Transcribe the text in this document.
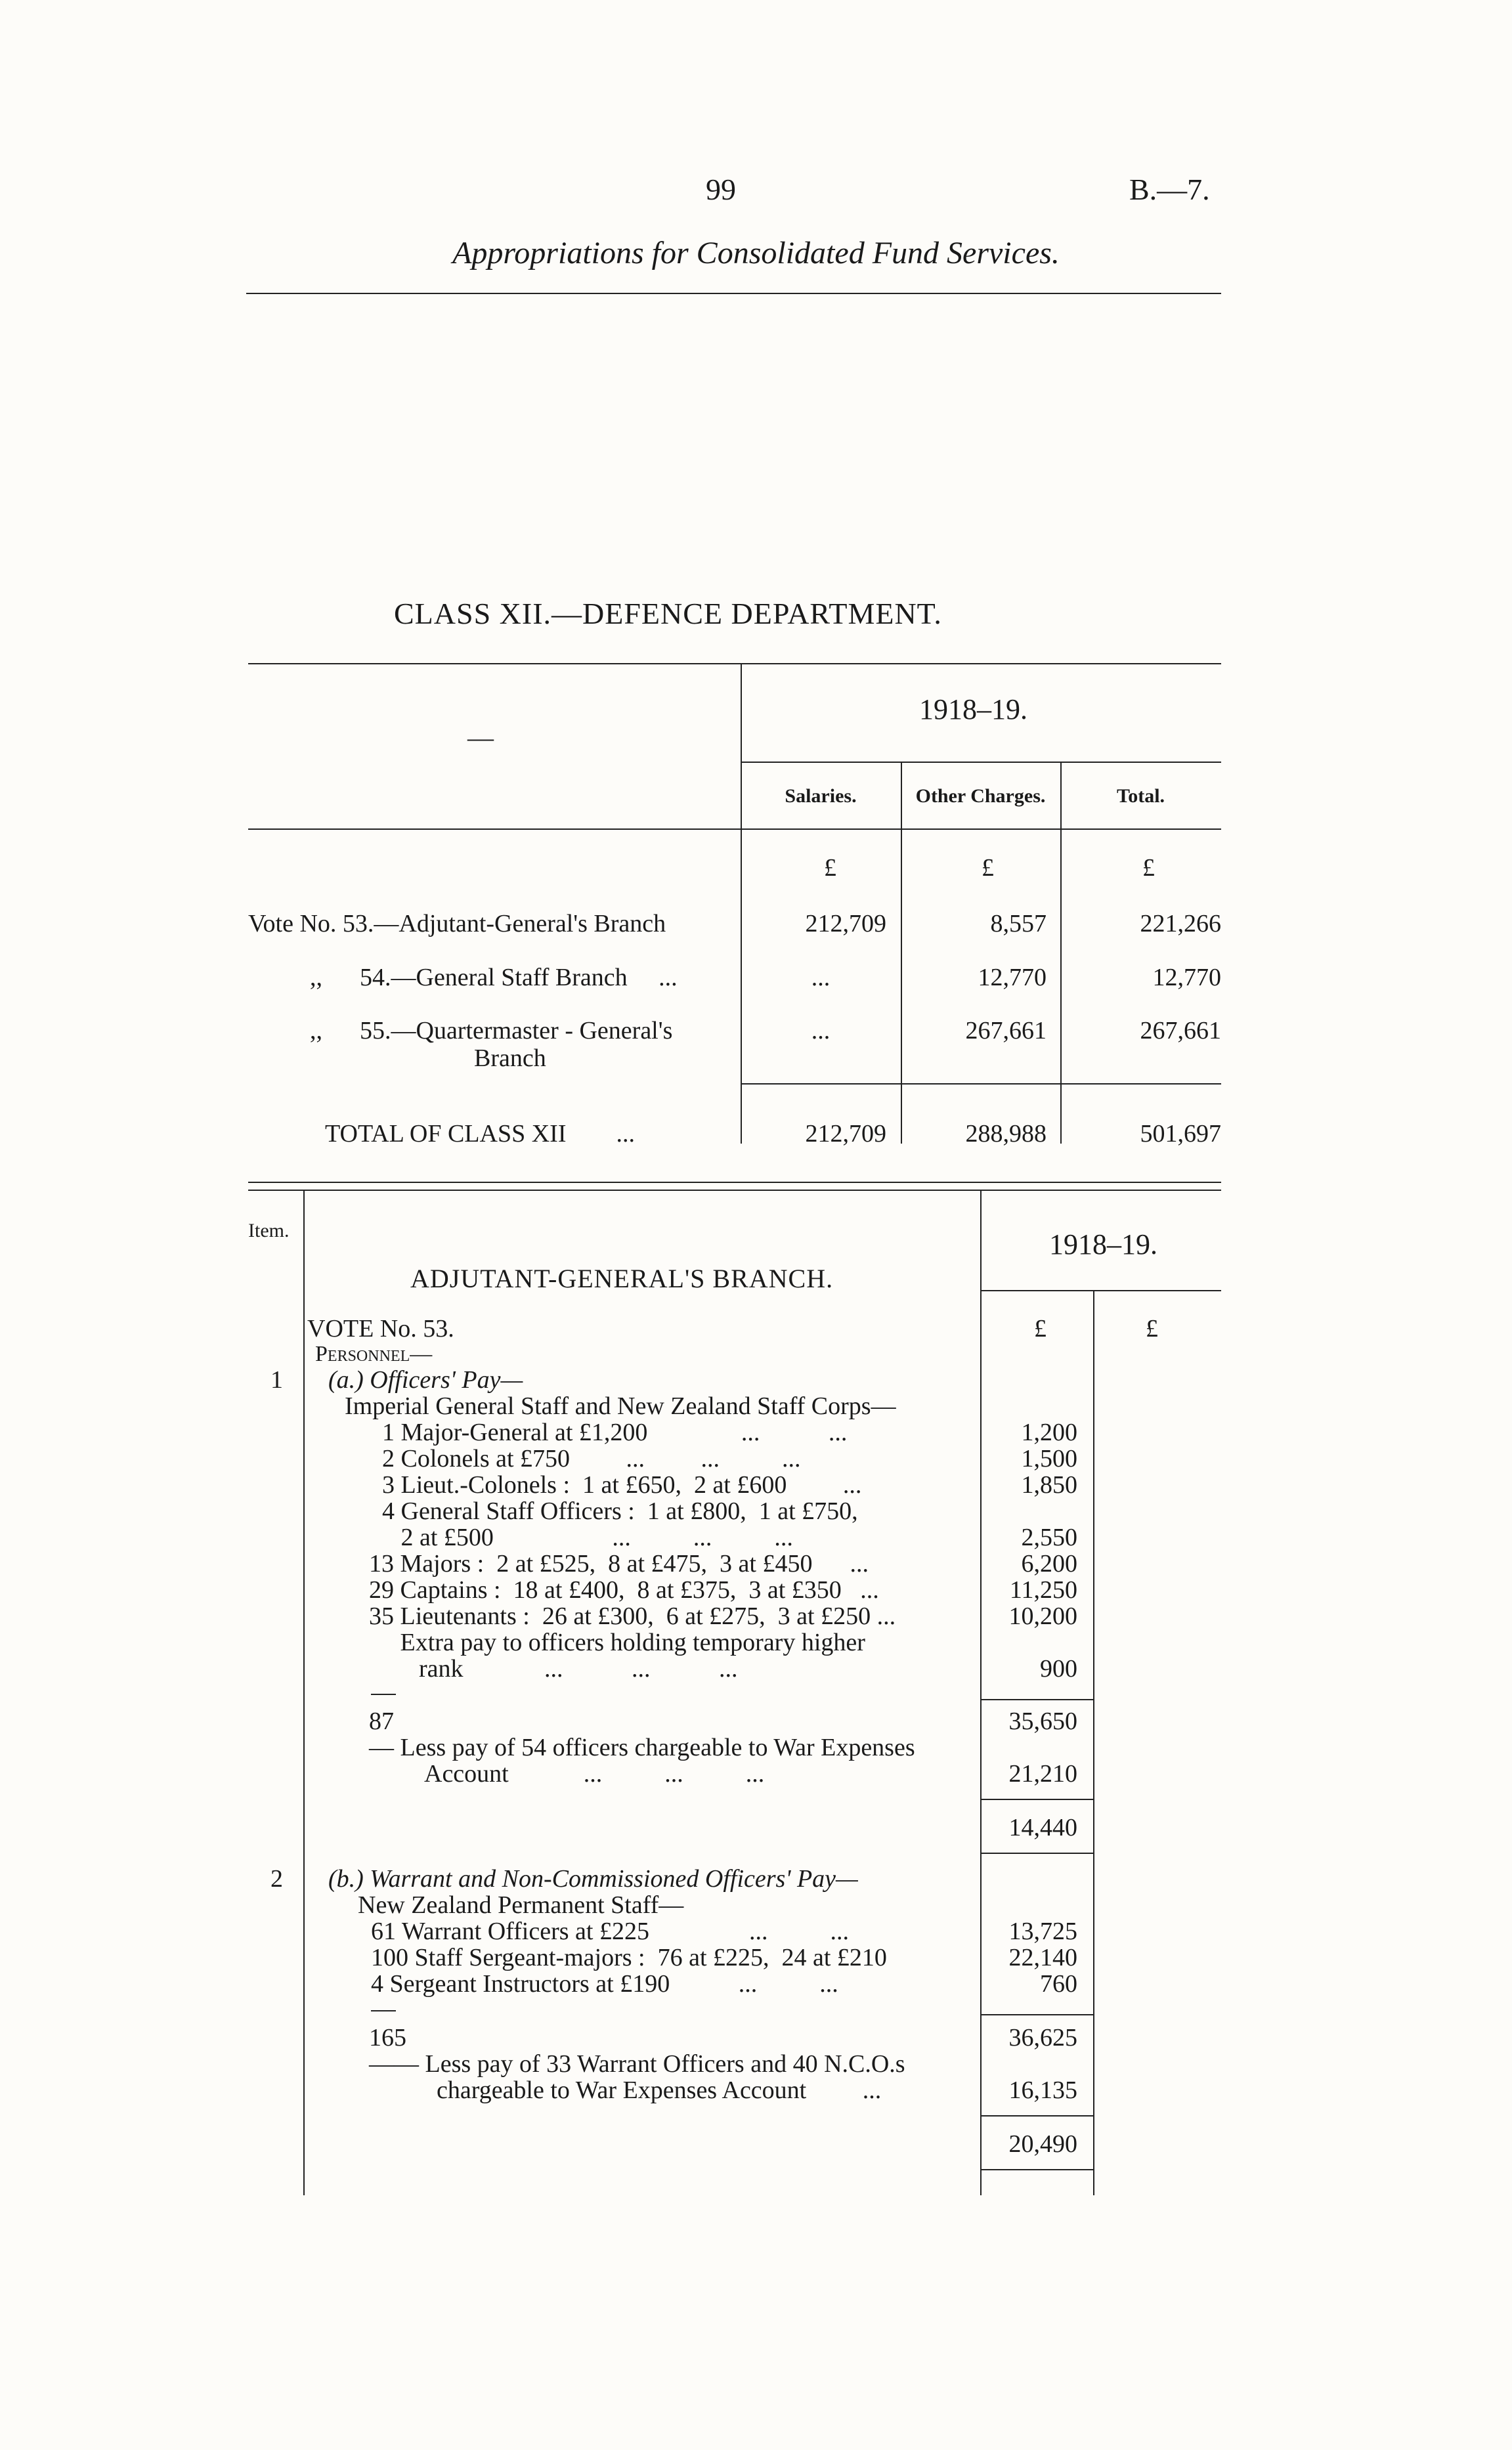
99	B.—7.
Appropriations for Consolidated Fund Services.
CLASS XII.—DEFENCE DEPARTMENT.
—
1918–19.
Salaries.	Other Charges.	Total.
£	£	£
Vote No. 53.—Adjutant-General's Branch	212,709	8,557	221,266
,,      54.—General Staff Branch     ...	...	12,770	12,770
,,      55.—Quartermaster - General's
Branch
...	267,661	267,661
TOTAL OF CLASS XII        ...	212,709	288,988	501,697
Item.	1918–19.
ADJUTANT-GENERAL'S BRANCH.
£	£
VOTE No. 53.
Personnel—
1 (a.) Officers' Pay—
Imperial General Staff and New Zealand Staff Corps—
1 Major-General at £1,200               ...           ...	1,200
2 Colonels at £750         ...         ...          ...	1,500
3 Lieut.-Colonels :  1 at £650,  2 at £600         ...	1,850
4 General Staff Officers :  1 at £800,  1 at £750,
2 at £500                   ...          ...          ...	2,550
13 Majors :  2 at £525,  8 at £475,  3 at £450      ...	6,200
29 Captains :  18 at £400,  8 at £375,  3 at £350   ...	11,250
35 Lieutenants :  26 at £300,  6 at £275,  3 at £250 ...	10,200
Extra pay to officers holding temporary higher
rank             ...           ...           ...	900
87	35,650
— Less pay of 54 officers chargeable to War Expenses
Account            ...          ...          ...	21,210
14,440
2 (b.) Warrant and Non-Commissioned Officers' Pay—
New Zealand Permanent Staff—
61 Warrant Officers at £225                ...          ...	13,725
100 Staff Sergeant-majors :  76 at £225,  24 at £210	22,140
4 Sergeant Instructors at £190           ...          ...	760
165	36,625
—— Less pay of 33 Warrant Officers and 40 N.C.O.s
chargeable to War Expenses Account         ...	16,135
20,490
